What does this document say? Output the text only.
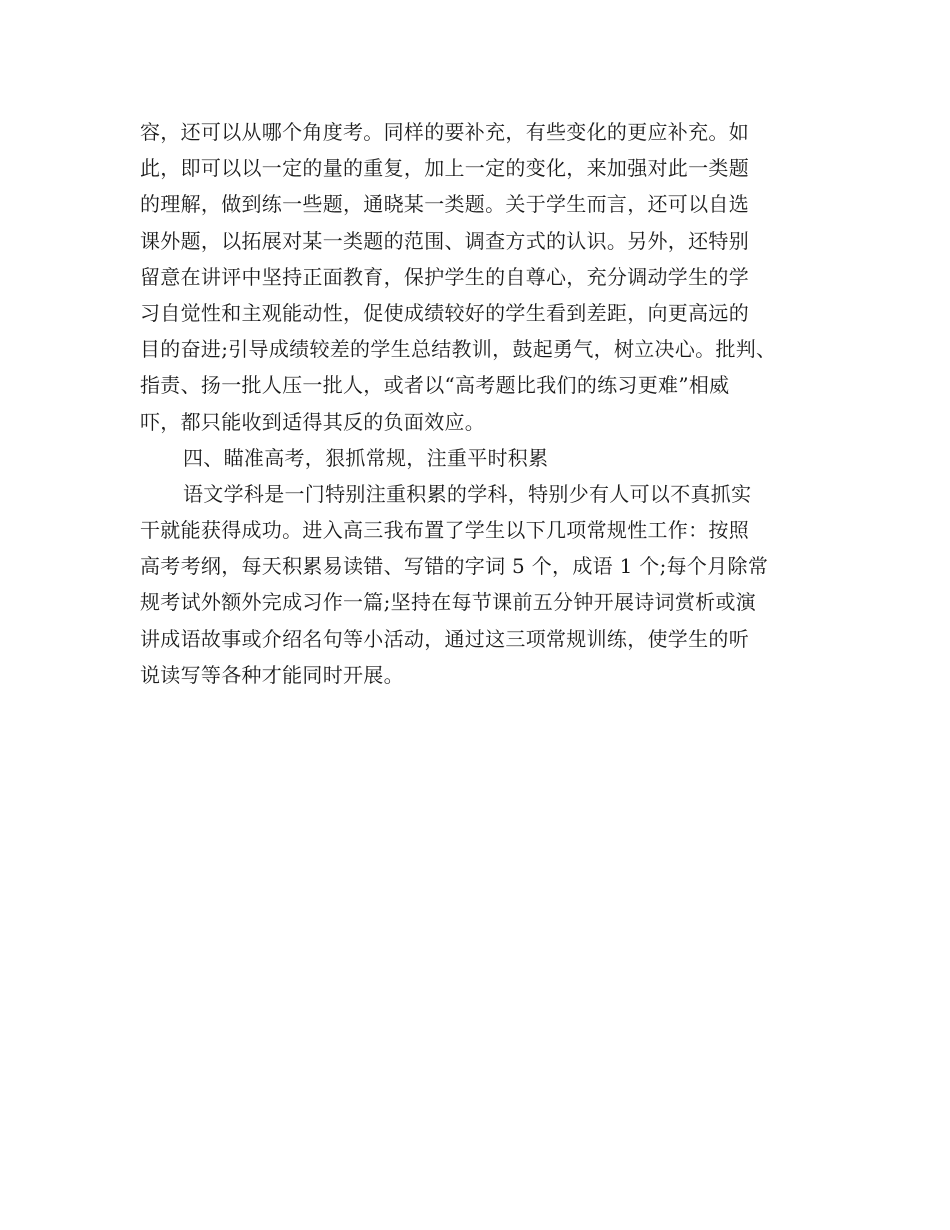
容，还可以从哪个角度考。同样的要补充，有些变化的更应补充。如
此，即可以以一定的量的重复，加上一定的变化，来加强对此一类题
的理解，做到练一些题，通晓某一类题。关于学生而言，还可以自选
课外题，以拓展对某一类题的范围、调查方式的认识。另外，还特别
留意在讲评中坚持正面教育，保护学生的自尊心，充分调动学生的学
习自觉性和主观能动性，促使成绩较好的学生看到差距，向更高远的
目的奋进;引导成绩较差的学生总结教训，鼓起勇气，树立决心。批判、
指责、扬一批人压一批人，或者以“高考题比我们的练习更难”相威
吓，都只能收到适得其反的负面效应。
四、瞄准高考，狠抓常规，注重平时积累
语文学科是一门特别注重积累的学科，特别少有人可以不真抓实
干就能获得成功。进入高三我布置了学生以下几项常规性工作：按照
高考考纲，每天积累易读错、写错的字词 5 个，成语 1 个;每个月除常
规考试外额外完成习作一篇;坚持在每节课前五分钟开展诗词赏析或演
讲成语故事或介绍名句等小活动，通过这三项常规训练，使学生的听
说读写等各种才能同时开展。
